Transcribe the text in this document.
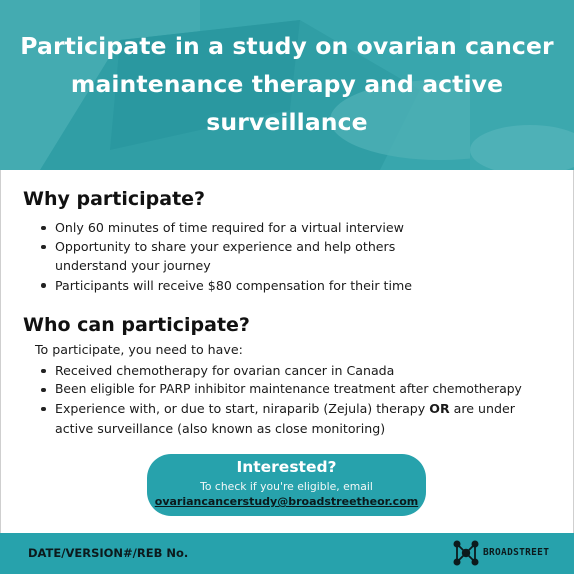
Participate in a study on ovarian cancer maintenance therapy and active surveillance
Why participate?
Only 60 minutes of time required for a virtual interview
Opportunity to share your experience and help others understand your journey
Participants will receive $80 compensation for their time
Who can participate?
To participate, you need to have:
Received chemotherapy for ovarian cancer in Canada
Been eligible for PARP inhibitor maintenance treatment after chemotherapy
Experience with, or due to start, niraparib (Zejula) therapy OR are under active surveillance (also known as close monitoring)
Interested?
To check if you're eligible, email
ovariancancerstudy@broadstreetheor.com
DATE/VERSION#/REB No.	BROADSTREET
